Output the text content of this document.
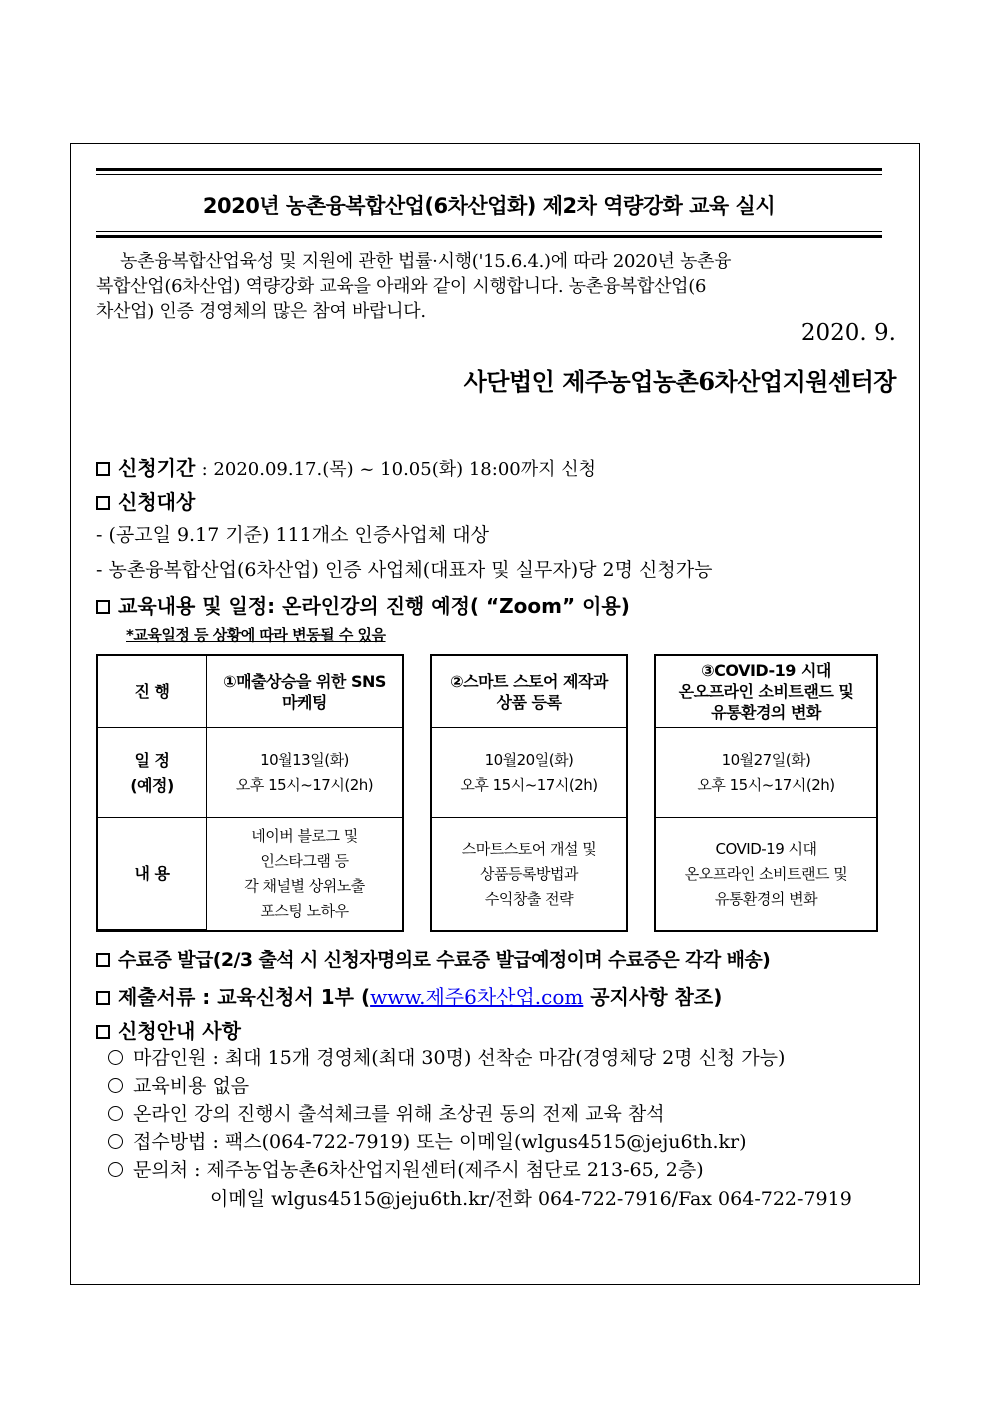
2020년 농촌융복합산업(6차산업화) 제2차 역량강화 교육 실시
농촌융복합산업육성 및 지원에 관한 법률·시행('15.6.4.)에 따라 2020년 농촌융
복합산업(6차산업) 역량강화 교육을 아래와 같이 시행합니다. 농촌융복합산업(6
차산업) 인증 경영체의 많은 참여 바랍니다.
2020. 9.
사단법인 제주농업농촌6차산업지원센터장
신청기간 : 2020.09.17.(목) ~ 10.05(화) 18:00까지 신청
신청대상
- (공고일 9.17 기준) 111개소 인증사업체 대상
- 농촌융복합산업(6차산업) 인증 사업체(대표자 및 실무자)당 2명 신청가능
교육내용 및 일정: 온라인강의 진행 예정( “Zoom” 이용)
*교육일정 등 상황에 따라 변동될 수 있음
진 행
①매출상승을 위한 SNS
마케팅
일 정
(예정)
10월13일(화)
오후 15시~17시(2h)
내 용
네이버 블로그 및
인스타그램 등
각 채널별 상위노출
포스팅 노하우
②스마트 스토어 제작과
상품 등록
10월20일(화)
오후 15시~17시(2h)
스마트스토어 개설 및
상품등록방법과
수익창출 전략
③COVID-19 시대
온오프라인 소비트랜드 및
유통환경의 변화
10월27일(화)
오후 15시~17시(2h)
COVID-19 시대
온오프라인 소비트랜드 및
유통환경의 변화
수료증 발급(2/3 출석 시 신청자명의로 수료증 발급예정이며 수료증은 각각 배송)
제출서류 : 교육신청서 1부 (www.제주6차산업.com 공지사항 참조)
신청안내 사항
마감인원 : 최대 15개 경영체(최대 30명) 선착순 마감(경영체당 2명 신청 가능)
교육비용 없음
온라인 강의 진행시 출석체크를 위해 초상권 동의 전제 교육 참석
접수방법 : 팩스(064-722-7919) 또는 이메일(wlgus4515@jeju6th.kr)
문의처 : 제주농업농촌6차산업지원센터(제주시 첨단로 213-65, 2층)
이메일 wlgus4515@jeju6th.kr/전화 064-722-7916/Fax 064-722-7919
